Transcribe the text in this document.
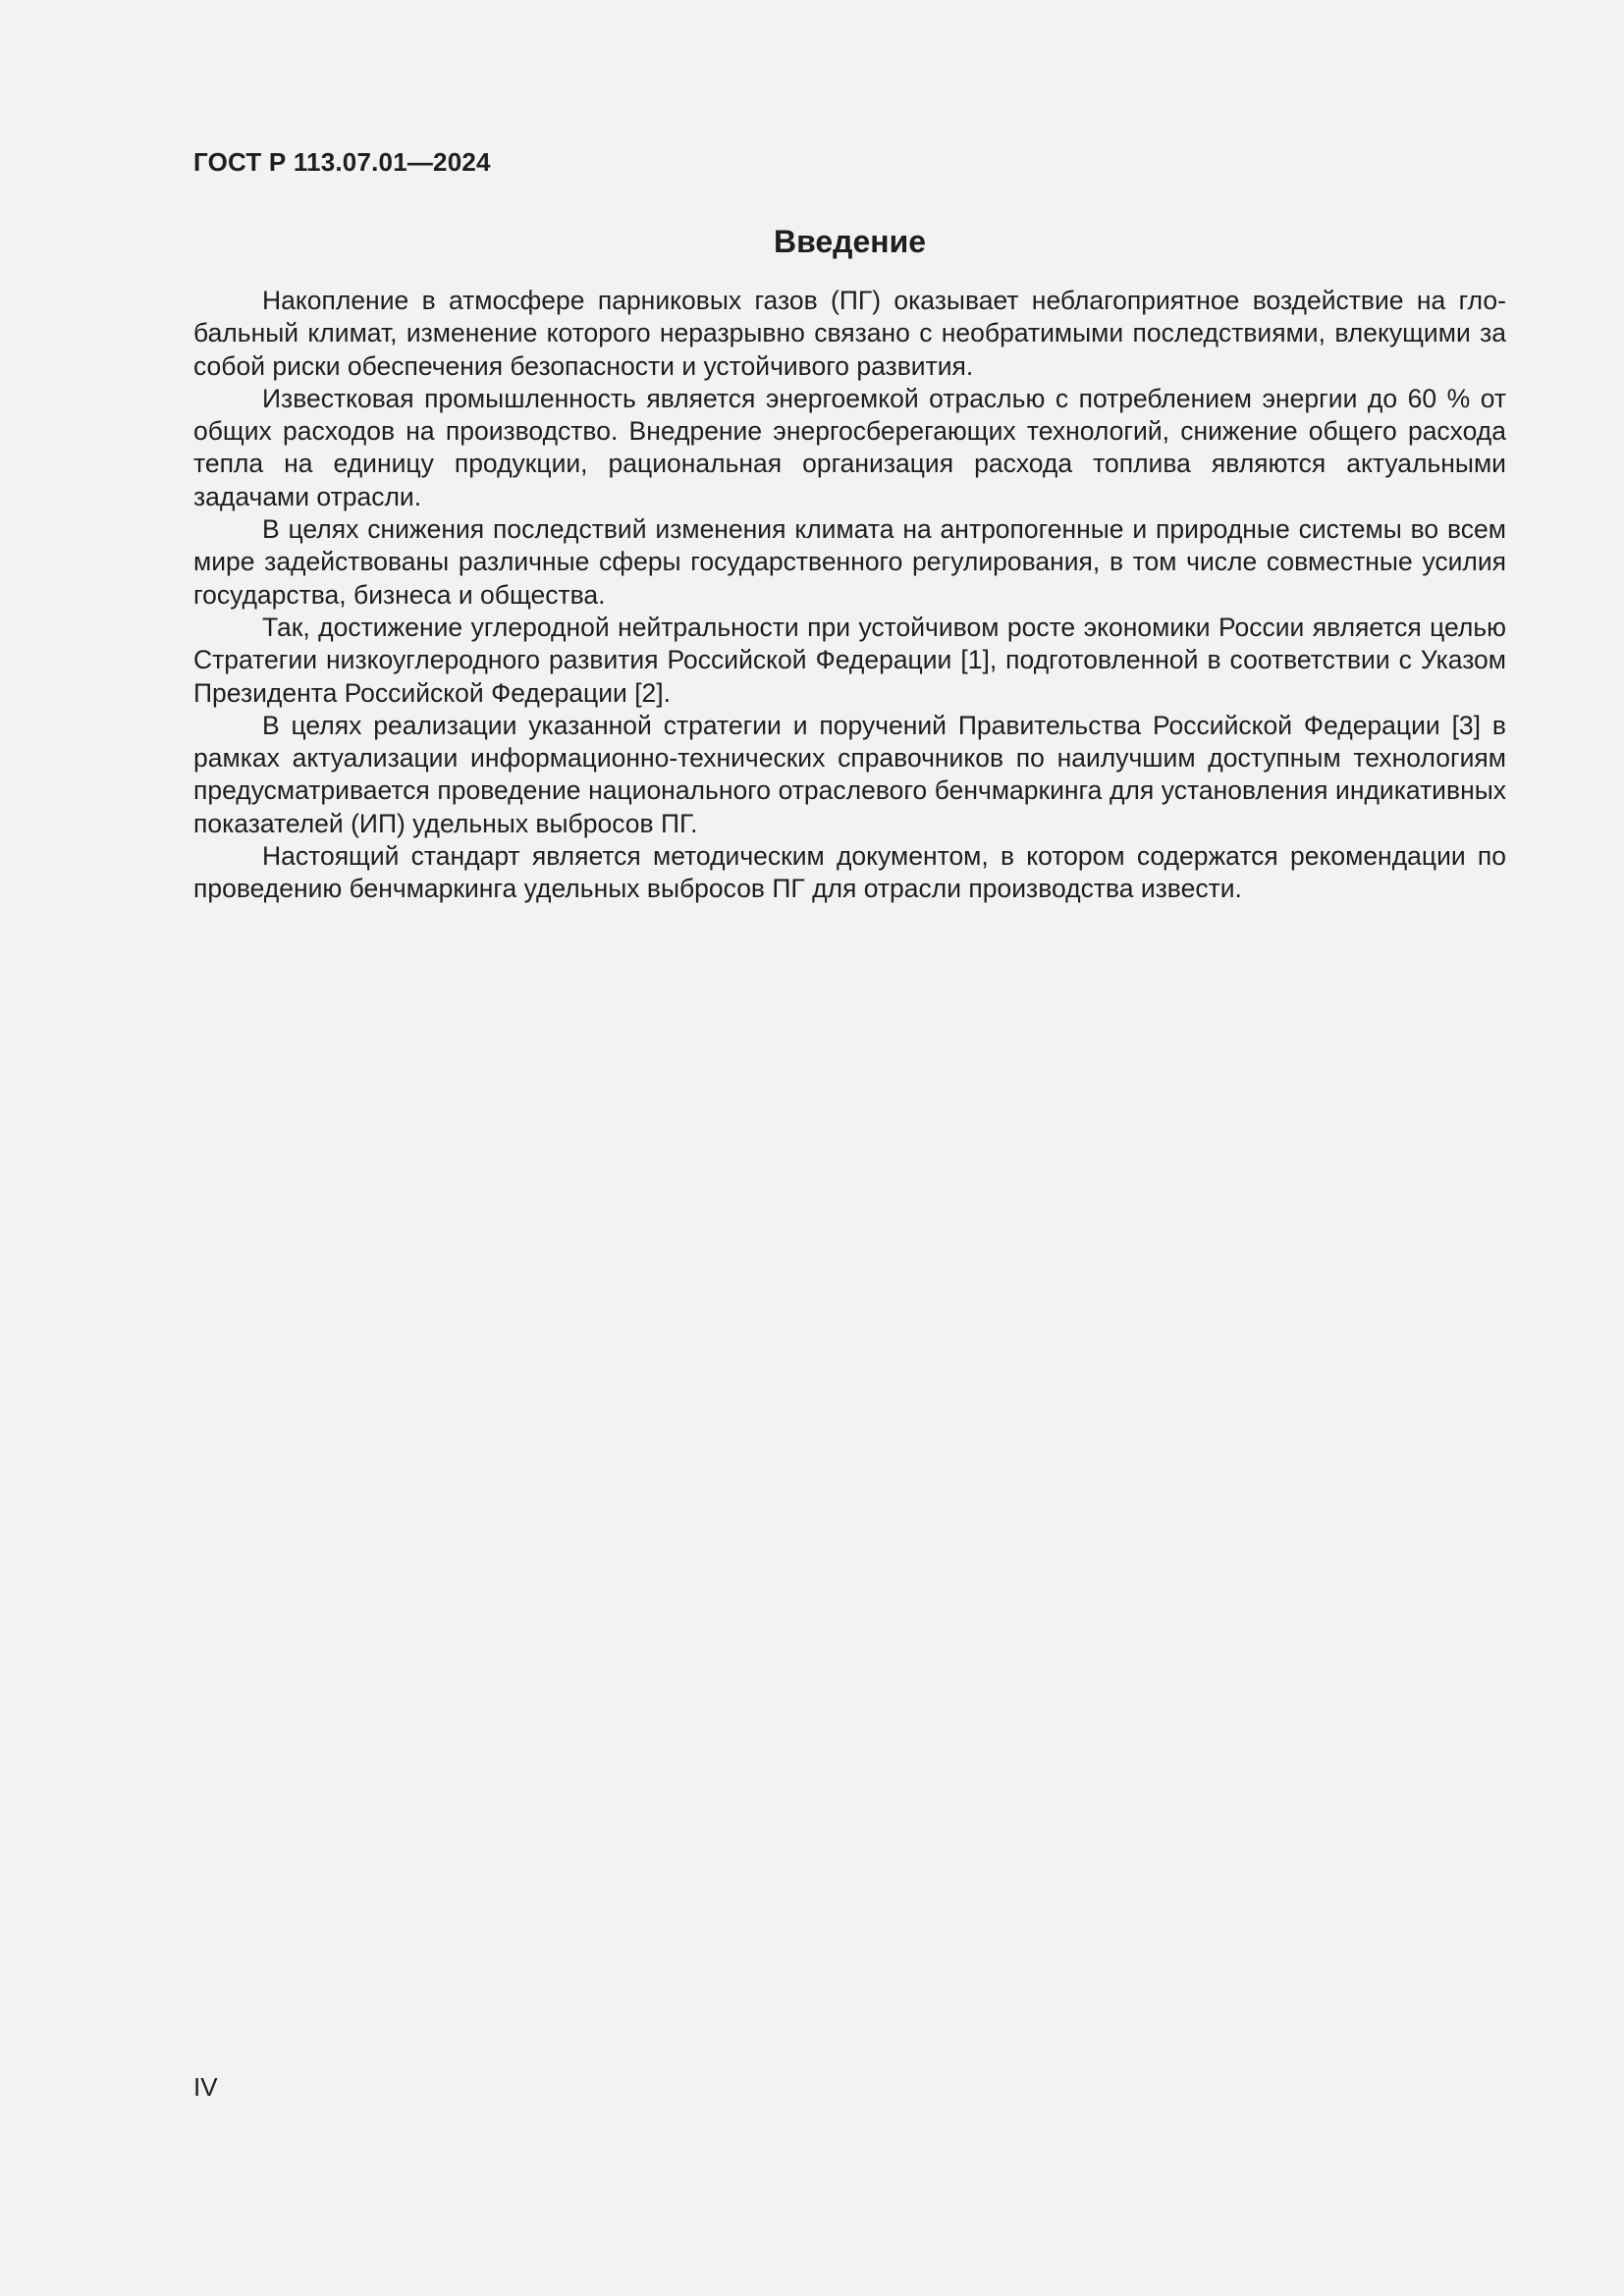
ГОСТ Р 113.07.01—2024

Введение

Накопление в атмосфере парниковых газов (ПГ) оказывает неблагоприятное воздействие на глобальный климат, изменение которого неразрывно связано с необратимыми последствиями, влекущими за собой риски обеспечения безопасности и устойчивого развития.

Известковая промышленность является энергоемкой отраслью с потреблением энергии до 60 % от общих расходов на производство. Внедрение энергосберегающих технологий, снижение общего расхода тепла на единицу продукции, рациональная организация расхода топлива являются актуальными задачами отрасли.

В целях снижения последствий изменения климата на антропогенные и природные системы во всем мире задействованы различные сферы государственного регулирования, в том числе совместные усилия государства, бизнеса и общества.

Так, достижение углеродной нейтральности при устойчивом росте экономики России является целью Стратегии низкоуглеродного развития Российской Федерации [1], подготовленной в соответствии с Указом Президента Российской Федерации [2].

В целях реализации указанной стратегии и поручений Правительства Российской Федерации [3] в рамках актуализации информационно-технических справочников по наилучшим доступным технологиям предусматривается проведение национального отраслевого бенчмаркинга для установления индикативных показателей (ИП) удельных выбросов ПГ.

Настоящий стандарт является методическим документом, в котором содержатся рекомендации по проведению бенчмаркинга удельных выбросов ПГ для отрасли производства извести.

IV
